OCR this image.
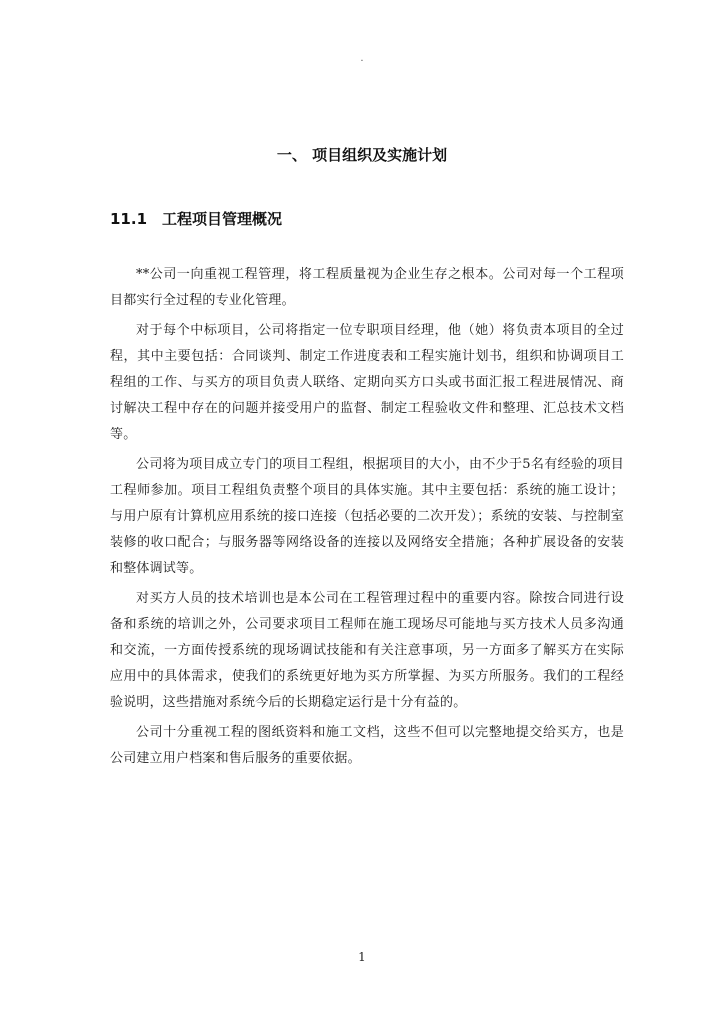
.
一、 项目组织及实施计划
11.1 工程项目管理概况

**公司一向重视工程管理，将工程质量视为企业生存之根本。公司对每一个工程项目都实行全过程的专业化管理。

对于每个中标项目，公司将指定一位专职项目经理，他（她）将负责本项目的全过程，其中主要包括：合同谈判、制定工作进度表和工程实施计划书，组织和协调项目工程组的工作、与买方的项目负责人联络、定期向买方口头或书面汇报工程进展情况、商讨解决工程中存在的问题并接受用户的监督、制定工程验收文件和整理、汇总技术文档等。

公司将为项目成立专门的项目工程组，根据项目的大小，由不少于5名有经验的项目工程师参加。项目工程组负责整个项目的具体实施。其中主要包括：系统的施工设计；与用户原有计算机应用系统的接口连接（包括必要的二次开发）；系统的安装、与控制室装修的收口配合；与服务器等网络设备的连接以及网络安全措施；各种扩展设备的安装和整体调试等。

对买方人员的技术培训也是本公司在工程管理过程中的重要内容。除按合同进行设备和系统的培训之外，公司要求项目工程师在施工现场尽可能地与买方技术人员多沟通和交流，一方面传授系统的现场调试技能和有关注意事项，另一方面多了解买方在实际应用中的具体需求，使我们的系统更好地为买方所掌握、为买方所服务。我们的工程经验说明，这些措施对系统今后的长期稳定运行是十分有益的。

公司十分重视工程的图纸资料和施工文档，这些不但可以完整地提交给买方，也是公司建立用户档案和售后服务的重要依据。

1
